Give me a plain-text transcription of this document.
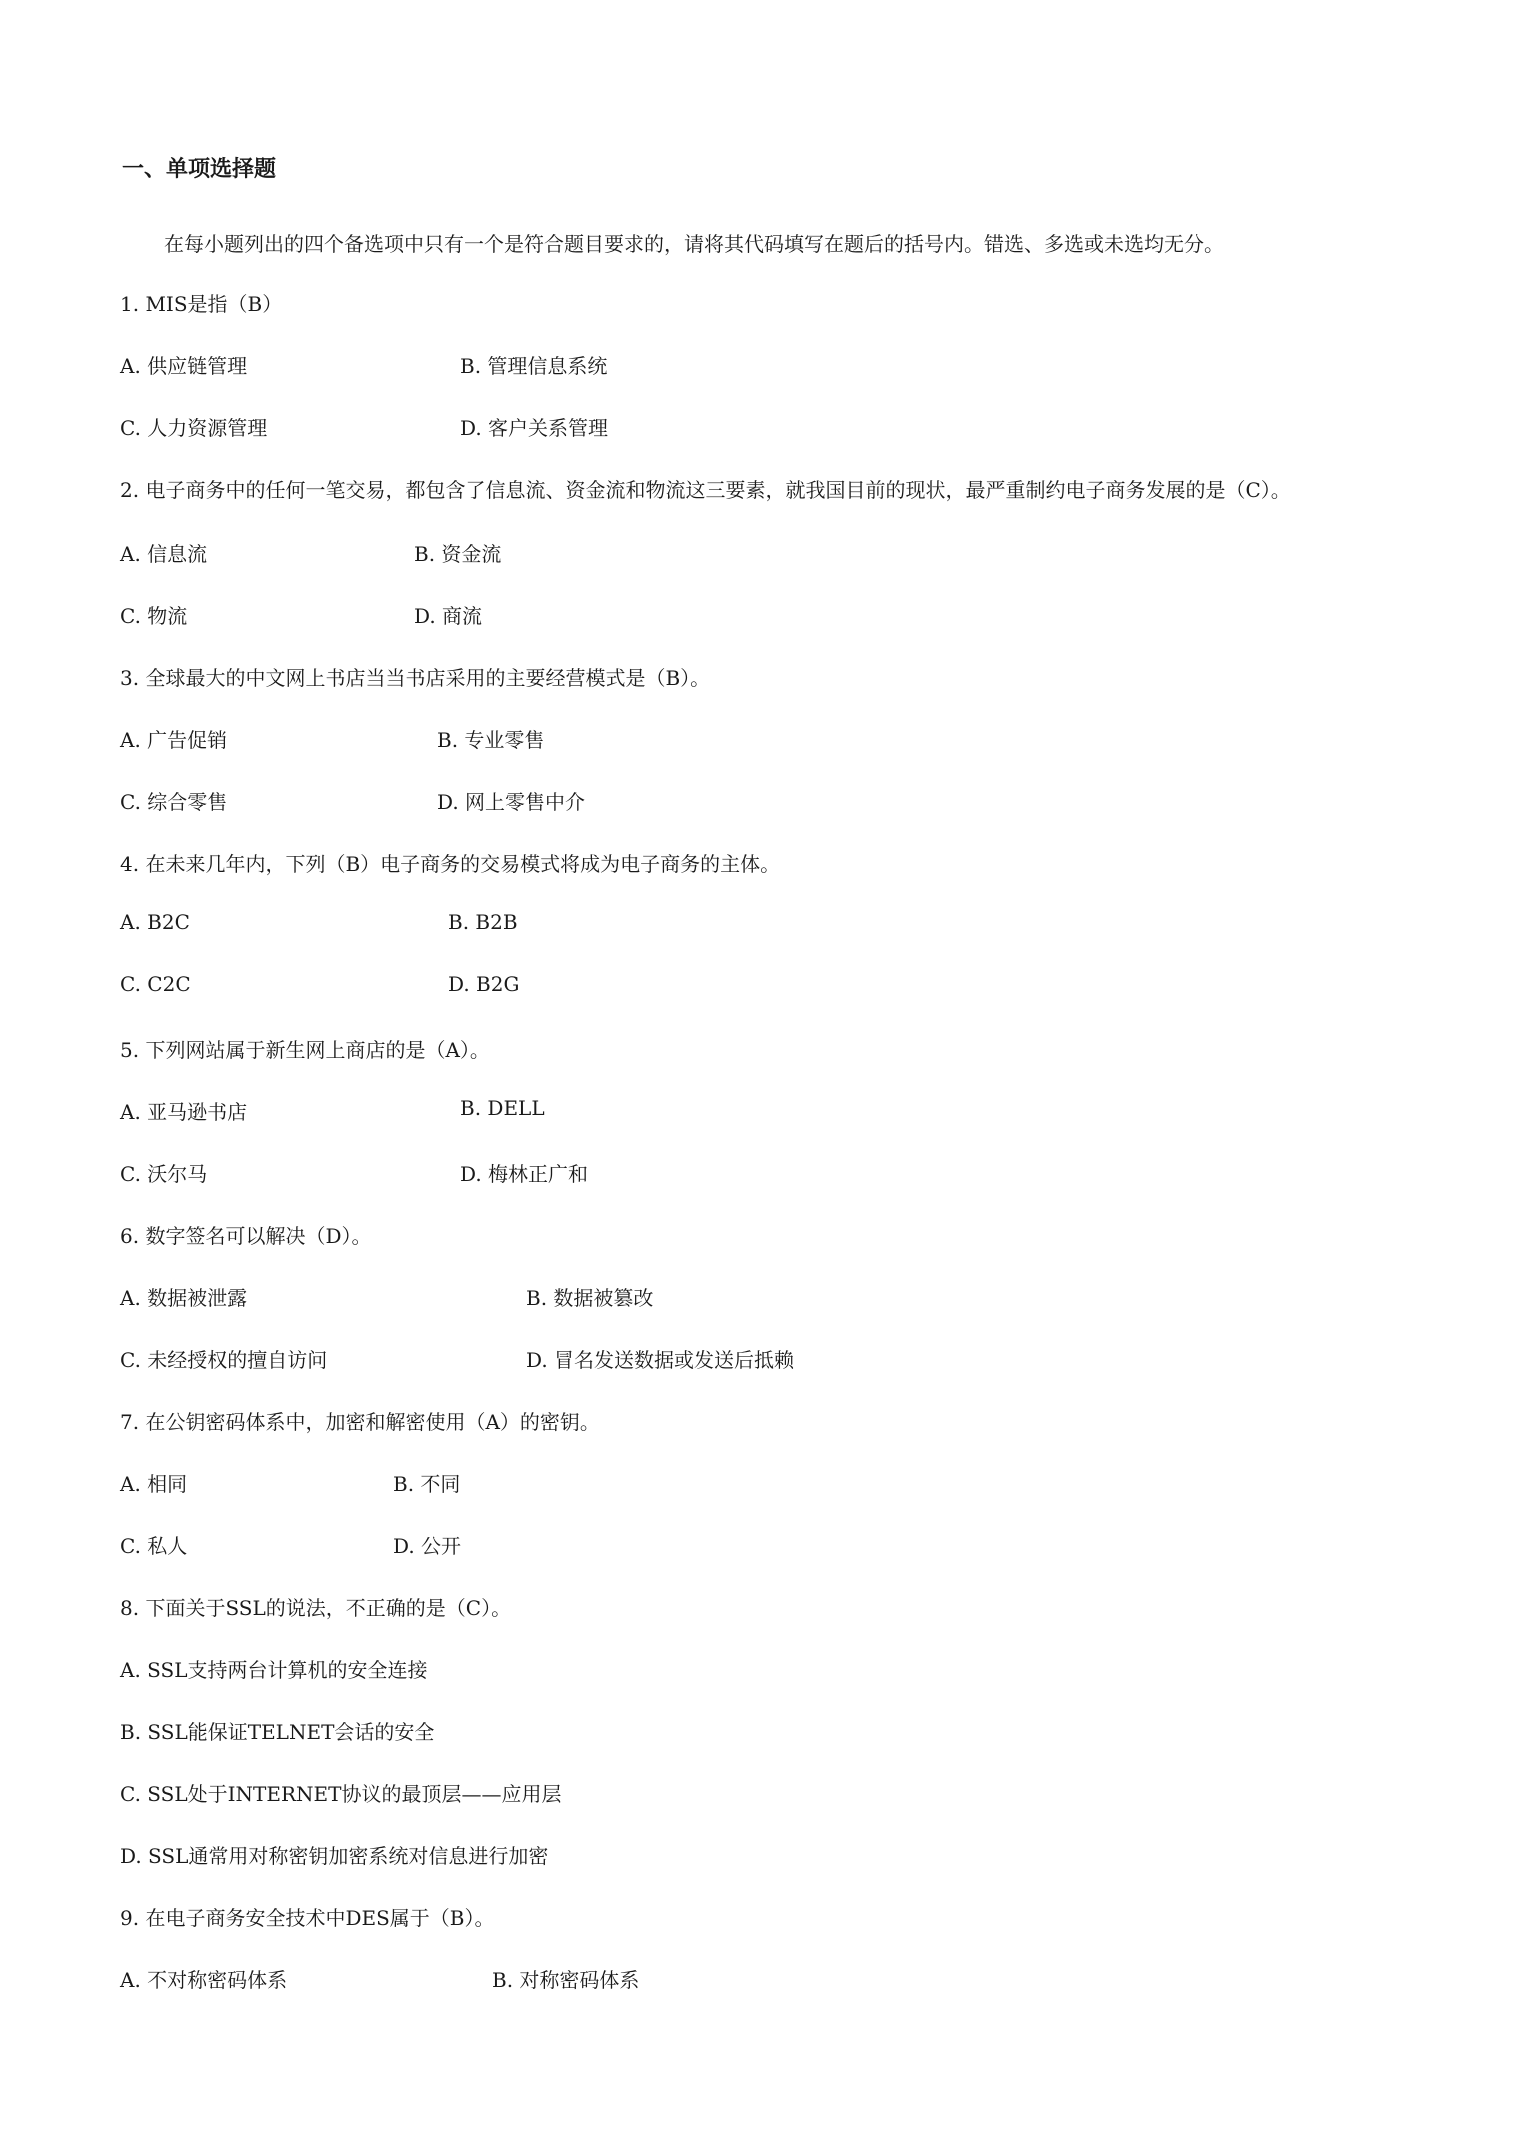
一、单项选择题

在每小题列出的四个备选项中只有一个是符合题目要求的，请将其代码填写在题后的括号内。错选、多选或未选均无分。

1. MIS是指（B）

A. 供应链管理	B. 管理信息系统
C. 人力资源管理	D. 客户关系管理

2. 电子商务中的任何一笔交易，都包含了信息流、资金流和物流这三要素，就我国目前的现状，最严重制约电子商务发展的是（C）。

A. 信息流	B. 资金流
C. 物流	D. 商流

3. 全球最大的中文网上书店当当书店采用的主要经营模式是（B）。

A. 广告促销	B. 专业零售
C. 综合零售	D. 网上零售中介

4. 在未来几年内，下列（B）电子商务的交易模式将成为电子商务的主体。

A. B2C	B. B2B
C. C2C	D. B2G

5. 下列网站属于新生网上商店的是（A）。

A. 亚马逊书店	B. DELL
C. 沃尔马	D. 梅林正广和

6. 数字签名可以解决（D）。

A. 数据被泄露	B. 数据被篡改
C. 未经授权的擅自访问	D. 冒名发送数据或发送后抵赖

7. 在公钥密码体系中，加密和解密使用（A）的密钥。

A. 相同	B. 不同
C. 私人	D. 公开

8. 下面关于SSL的说法，不正确的是（C）。

A. SSL支持两台计算机的安全连接

B. SSL能保证TELNET会话的安全

C. SSL处于INTERNET协议的最顶层——应用层

D. SSL通常用对称密钥加密系统对信息进行加密

9. 在电子商务安全技术中DES属于（B）。

A. 不对称密码体系	B. 对称密码体系
